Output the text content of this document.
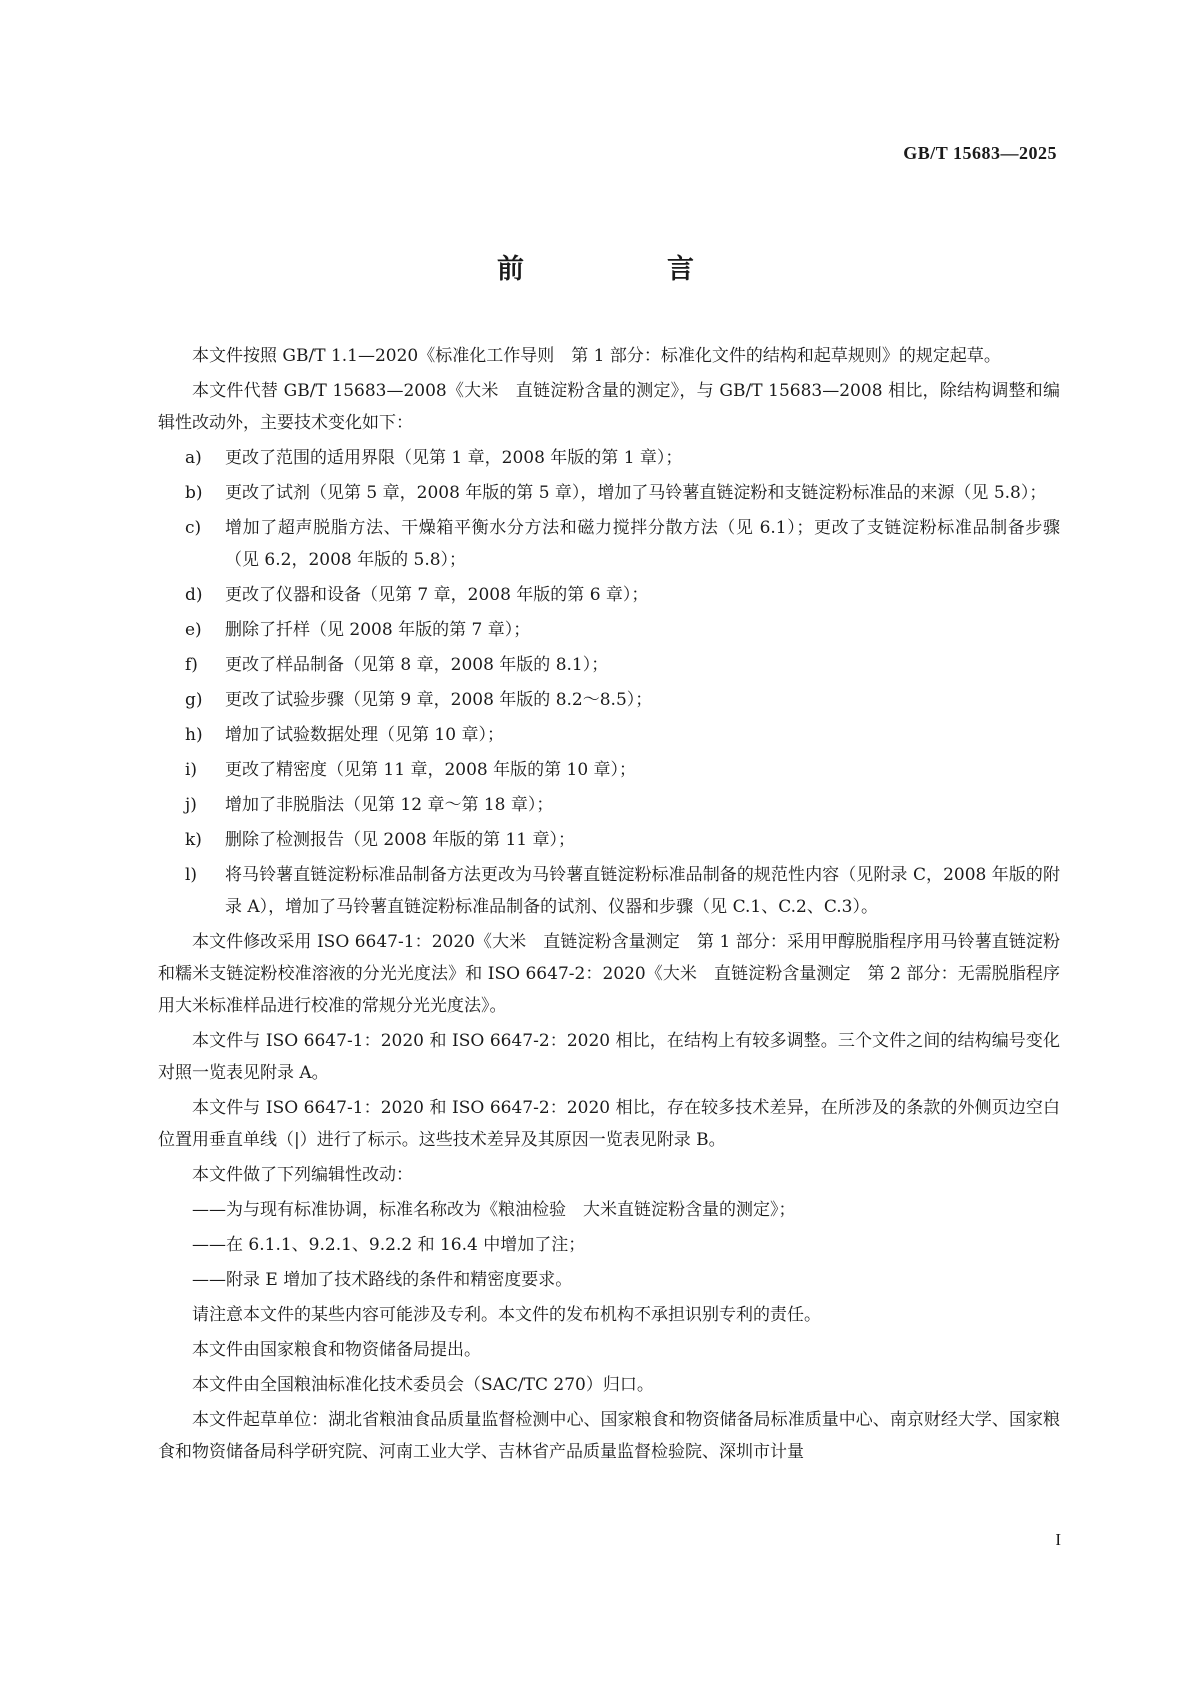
GB/T 15683—2025
前　言

本文件按照 GB/T 1.1—2020《标准化工作导则　第 1 部分：标准化文件的结构和起草规则》的规定起草。

本文件代替 GB/T 15683—2008《大米　直链淀粉含量的测定》，与 GB/T 15683—2008 相比，除结构调整和编辑性改动外，主要技术变化如下：

a)	更改了范围的适用界限（见第 1 章，2008 年版的第 1 章）；
b)	更改了试剂（见第 5 章，2008 年版的第 5 章），增加了马铃薯直链淀粉和支链淀粉标准品的来源（见 5.8）；
c)	增加了超声脱脂方法、干燥箱平衡水分方法和磁力搅拌分散方法（见 6.1）；更改了支链淀粉标准品制备步骤（见 6.2，2008 年版的 5.8）；
d)	更改了仪器和设备（见第 7 章，2008 年版的第 6 章）；
e)	删除了扦样（见 2008 年版的第 7 章）；
f)	更改了样品制备（见第 8 章，2008 年版的 8.1）；
g)	更改了试验步骤（见第 9 章，2008 年版的 8.2～8.5）；
h)	增加了试验数据处理（见第 10 章）；
i)	更改了精密度（见第 11 章，2008 年版的第 10 章）；
j)	增加了非脱脂法（见第 12 章～第 18 章）；
k)	删除了检测报告（见 2008 年版的第 11 章）；
l)	将马铃薯直链淀粉标准品制备方法更改为马铃薯直链淀粉标准品制备的规范性内容（见附录 C，2008 年版的附录 A），增加了马铃薯直链淀粉标准品制备的试剂、仪器和步骤（见 C.1、C.2、C.3）。

本文件修改采用 ISO 6647-1：2020《大米　直链淀粉含量测定　第 1 部分：采用甲醇脱脂程序用马铃薯直链淀粉和糯米支链淀粉校准溶液的分光光度法》和 ISO 6647-2：2020《大米　直链淀粉含量测定　第 2 部分：无需脱脂程序用大米标准样品进行校准的常规分光光度法》。

本文件与 ISO 6647-1：2020 和 ISO 6647-2：2020 相比，在结构上有较多调整。三个文件之间的结构编号变化对照一览表见附录 A。

本文件与 ISO 6647-1：2020 和 ISO 6647-2：2020 相比，存在较多技术差异，在所涉及的条款的外侧页边空白位置用垂直单线（|）进行了标示。这些技术差异及其原因一览表见附录 B。

本文件做了下列编辑性改动：

——为与现有标准协调，标准名称改为《粮油检验　大米直链淀粉含量的测定》；
——在 6.1.1、9.2.1、9.2.2 和 16.4 中增加了注；
——附录 E 增加了技术路线的条件和精密度要求。

请注意本文件的某些内容可能涉及专利。本文件的发布机构不承担识别专利的责任。

本文件由国家粮食和物资储备局提出。

本文件由全国粮油标准化技术委员会（SAC/TC 270）归口。

本文件起草单位：湖北省粮油食品质量监督检测中心、国家粮食和物资储备局标准质量中心、南京财经大学、国家粮食和物资储备局科学研究院、河南工业大学、吉林省产品质量监督检验院、深圳市计量

I
